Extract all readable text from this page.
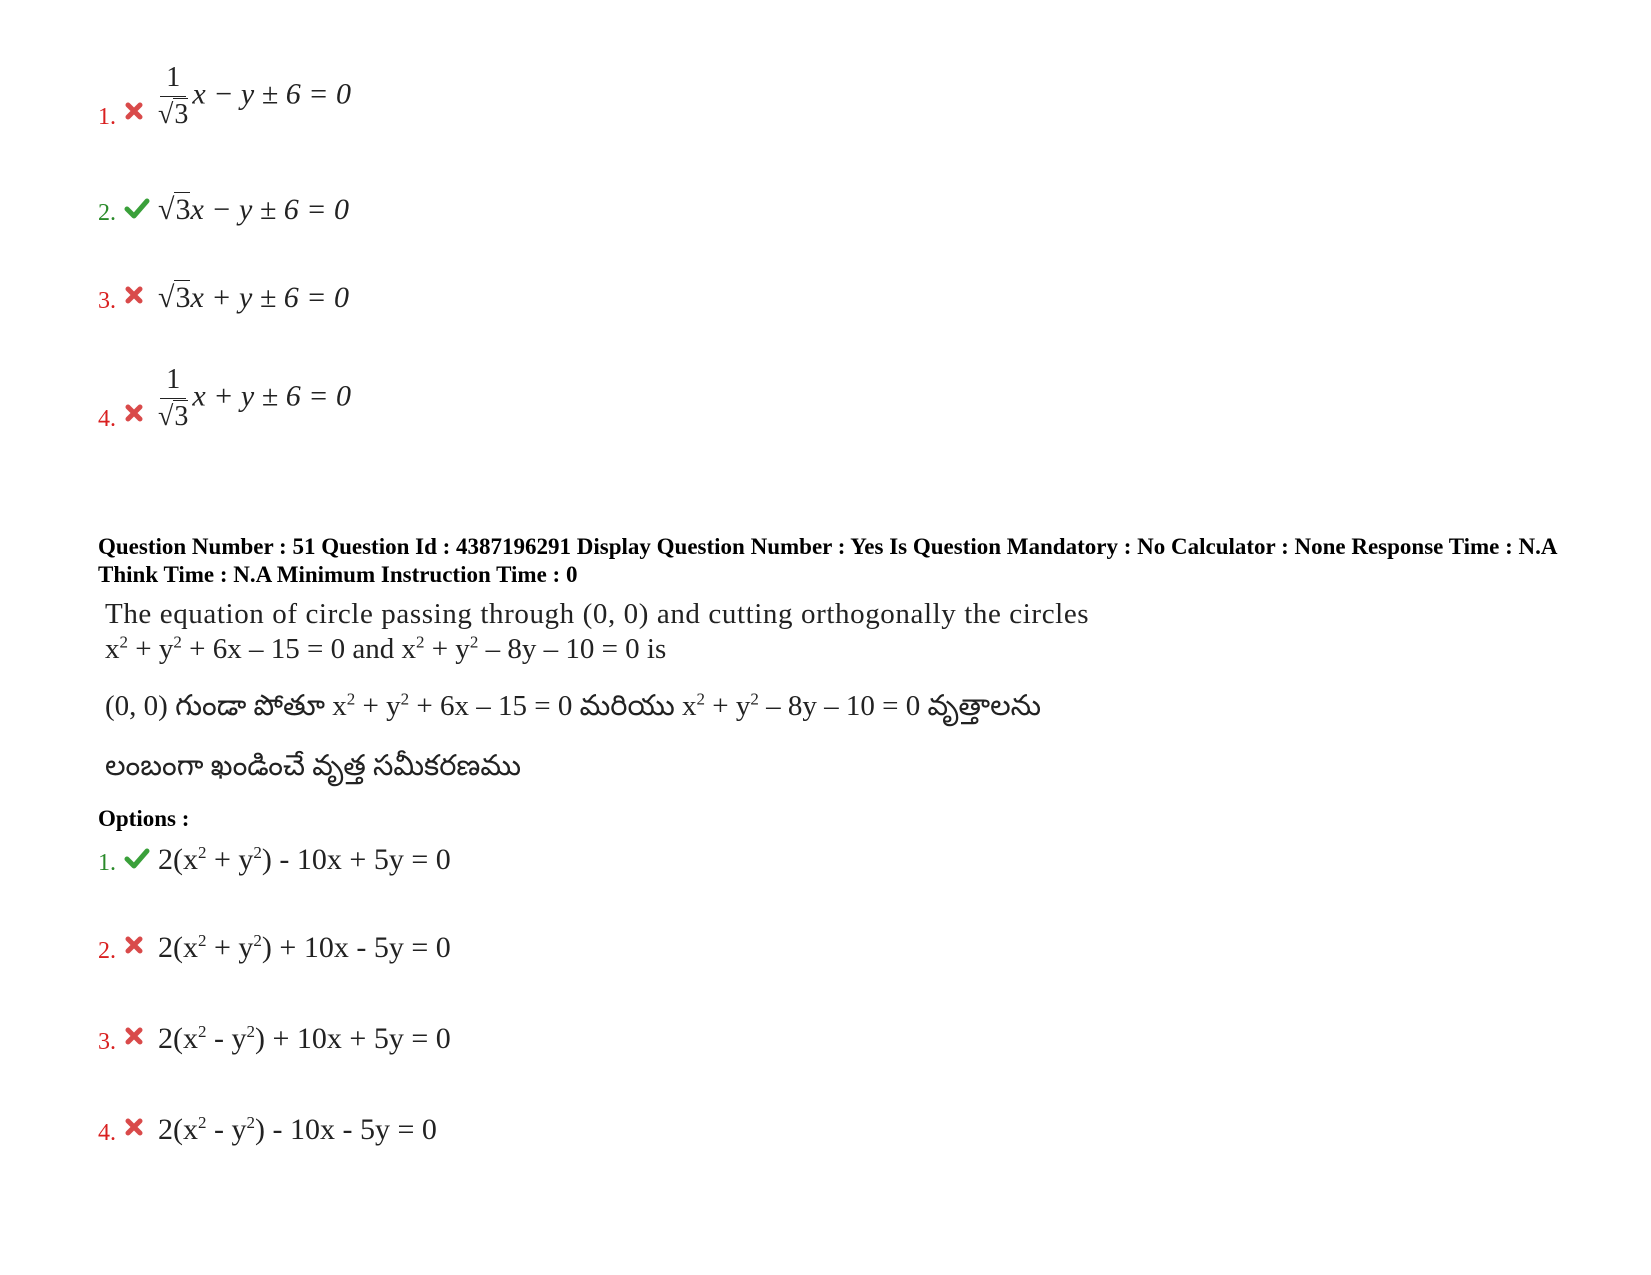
1. $\frac{1}{√3}$ x − y ± 6 = 0
2. √3x − y ± 6 = 0
3. √3x + y ± 6 = 0
4. $\frac{1}{√3}$ x + y ± 6 = 0
Question Number : 51 Question Id : 4387196291 Display Question Number : Yes Is Question Mandatory : No Calculator : None Response Time : N.A Think Time : N.A Minimum Instruction Time : 0
The equation of circle passing through (0, 0) and cutting orthogonally the circles
$x^2 + y^2 + 6x - 15 = 0$ and $x^2 + y^2 - 8y - 10 = 0$ is
(0, 0) గుండా పోతూ $x^2 + y^2 + 6x - 15 = 0$ మరియు $x^2 + y^2 - 8y - 10 = 0$ వృత్తాలను
లంబంగా ఖండించే వృత్త సమీకరణము
Options :
1. $2(x^2 + y^2) - 10x + 5y = 0$
2. $2(x^2 + y^2) + 10x - 5y = 0$
3. $2(x^2 - y^2) + 10x + 5y = 0$
4. $2(x^2 - y^2) - 10x - 5y = 0$
